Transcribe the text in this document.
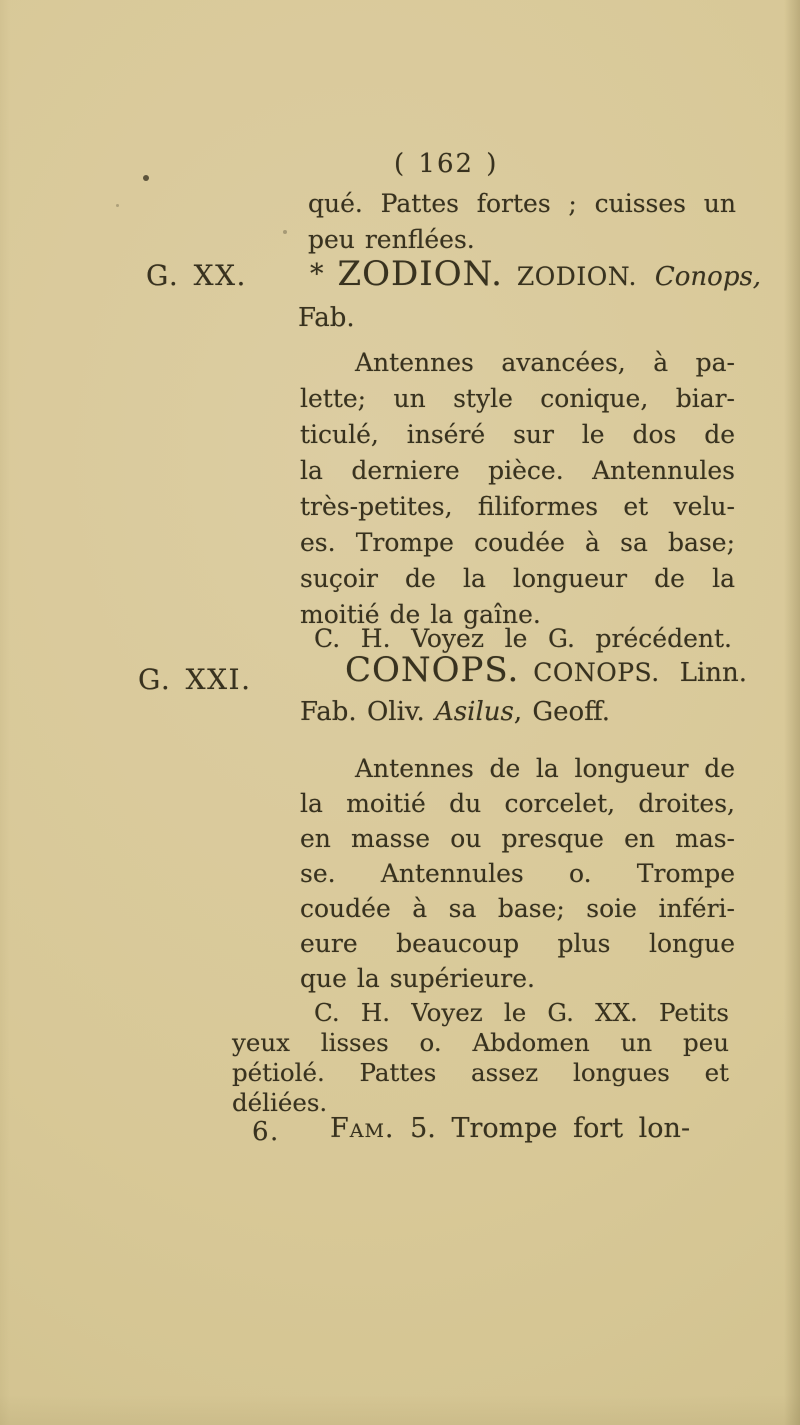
( 162 )
qué. Pattes fortes ; cuisses un
peu renflées.
G. XX.	* ZODION. ZODION. Conops,
Fab.
Antennes avancées, à pa-
lette; un style conique, biar-
ticulé, inséré sur le dos de
la derniere pièce. Antennules
très-petites, filiformes et velu-
es. Trompe coudée à sa base;
suçoir de la longueur de la
moitié de la gaîne.
C. H. Voyez le G. précédent.
G. XXI.	CONOPS. CONOPS. Linn.
Fab. Oliv. Asilus, Geoff.
Antennes de la longueur de
la moitié du corcelet, droites,
en masse ou presque en mas-
se. Antennules o. Trompe
coudée à sa base; soie inféri-
eure beaucoup plus longue
que la supérieure.
C. H. Voyez le G. XX. Petits
yeux lisses o. Abdomen un peu
pétiolé. Pattes assez longues et
déliées.
6. Fam. 5. Trompe fort lon-
